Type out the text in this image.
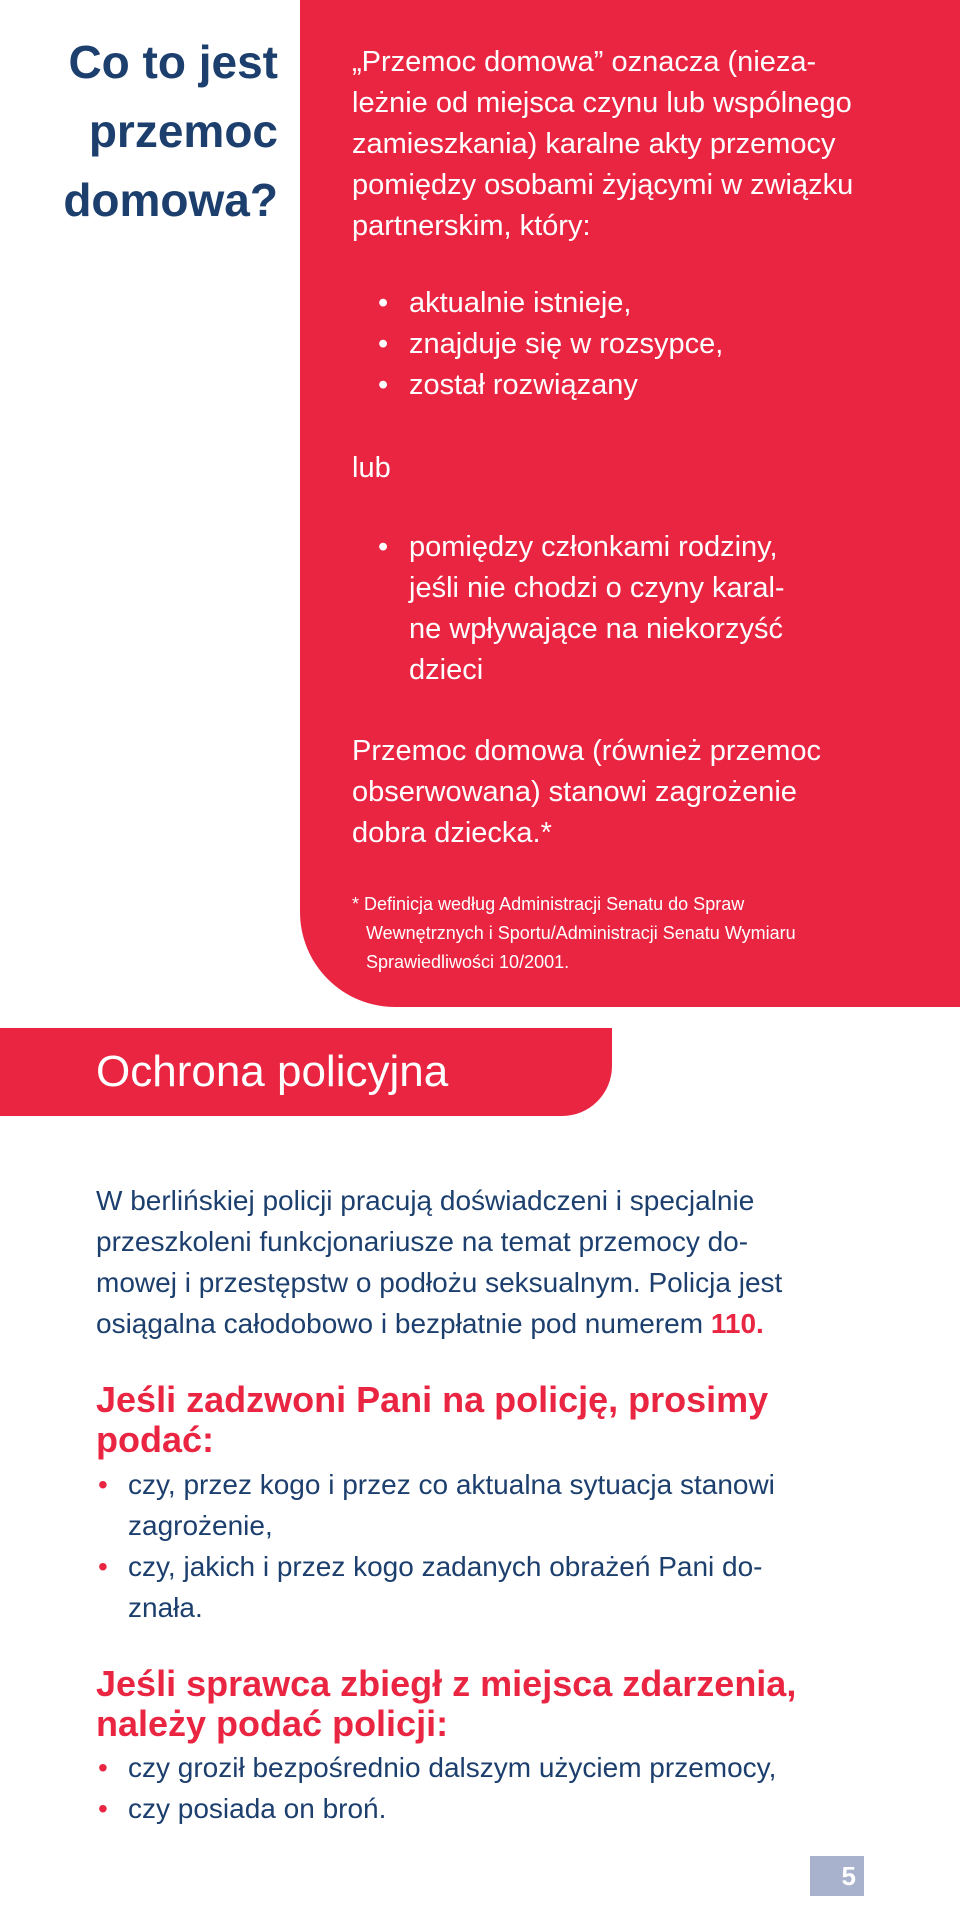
Co to jest
przemoc
domowa?
„Przemoc domowa” oznacza (nieza-
leżnie od miejsca czynu lub wspólnego
zamieszkania) karalne akty przemocy
pomiędzy osobami żyjącymi w związku
partnerskim, który:
• aktualnie istnieje,
• znajduje się w rozsypce,
• został rozwiązany
lub
• pomiędzy członkami rodziny,
jeśli nie chodzi o czyny karal-
ne wpływające na niekorzyść
dzieci
Przemoc domowa (również przemoc
obserwowana) stanowi zagrożenie
dobra dziecka.*
* Definicja według Administracji Senatu do Spraw
Wewnętrznych i Sportu/Administracji Senatu Wymiaru
Sprawiedliwości 10/2001.
Ochrona policyjna
W berlińskiej policji pracują doświadczeni i specjalnie
przeszkoleni funkcjonariusze na temat przemocy do-
mowej i przestępstw o podłożu seksualnym. Policja jest
osiągalna całodobowo i bezpłatnie pod numerem 110.
Jeśli zadzwoni Pani na policję, prosimy
podać:
• czy, przez kogo i przez co aktualna sytuacja stanowi
zagrożenie,
• czy, jakich i przez kogo zadanych obrażeń Pani do-
znała.
Jeśli sprawca zbiegł z miejsca zdarzenia,
należy podać policji:
• czy groził bezpośrednio dalszym użyciem przemocy,
• czy posiada on broń.
5
